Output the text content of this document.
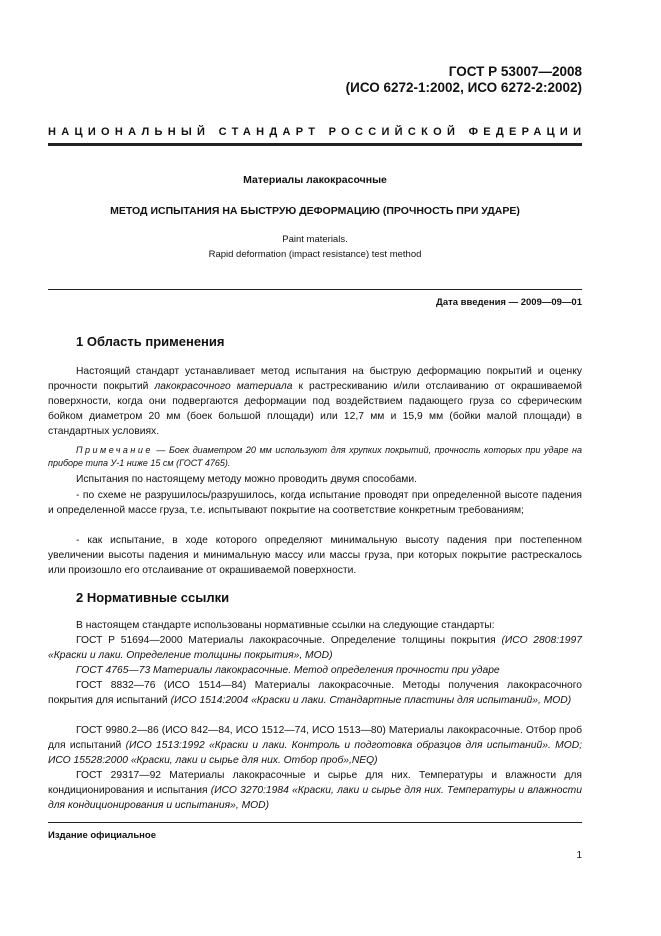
ГОСТ Р 53007—2008
(ИСО 6272-1:2002, ИСО 6272-2:2002)
НАЦИОНАЛЬНЫЙ СТАНДАРТ РОССИЙСКОЙ ФЕДЕРАЦИИ
Материалы лакокрасочные
МЕТОД ИСПЫТАНИЯ НА БЫСТРУЮ ДЕФОРМАЦИЮ (ПРОЧНОСТЬ ПРИ УДАРЕ)
Paint materials.
Rapid deformation (impact resistance) test method
Дата введения — 2009—09—01
1 Область применения
Настоящий стандарт устанавливает метод испытания на быструю деформацию покрытий и оценку прочности покрытий лакокрасочного материала к растрескиванию и/или отслаиванию от окрашиваемой поверхности, когда они подвергаются деформации под воздействием падающего груза со сферическим бойком диаметром 20 мм (боек большой площади) или 12,7 мм и 15,9 мм (бойки малой площади) в стандартных условиях.
Примечание — Боек диаметром 20 мм используют для хрупких покрытий, прочность которых при ударе на приборе типа У-1 ниже 15 см (ГОСТ 4765).
Испытания по настоящему методу можно проводить двумя способами.
- по схеме не разрушилось/разрушилось, когда испытание проводят при определенной высоте падения и определенной массе груза, т.е. испытывают покрытие на соответствие конкретным требованиям;
- как испытание, в ходе которого определяют минимальную высоту падения при постепенном увеличении высоты падения и минимальную массу или массы груза, при которых покрытие растрескалось или произошло его отслаивание от окрашиваемой поверхности.
2 Нормативные ссылки
В настоящем стандарте использованы нормативные ссылки на следующие стандарты:
ГОСТ Р 51694—2000 Материалы лакокрасочные. Определение толщины покрытия (ИСО 2808:1997 «Краски и лаки. Определение толщины покрытия», MOD)
ГОСТ 4765—73 Материалы лакокрасочные. Метод определения прочности при ударе
ГОСТ 8832—76 (ИСО 1514—84) Материалы лакокрасочные. Методы получения лакокрасочного покрытия для испытаний (ИСО 1514:2004 «Краски и лаки. Стандартные пластины для испытаний», MOD)
ГОСТ 9980.2—86 (ИСО 842—84, ИСО 1512—74, ИСО 1513—80) Материалы лакокрасочные. Отбор проб для испытаний (ИСО 1513:1992 «Краски и лаки. Контроль и подготовка образцов для испытаний». MOD; ИСО 15528:2000 «Краски, лаки и сырье для них. Отбор проб»,NEQ)
ГОСТ 29317—92 Материалы лакокрасочные и сырье для них. Температуры и влажности для кондиционирования и испытания (ИСО 3270:1984 «Краски, лаки и сырье для них. Температуры и влажности для кондиционирования и испытания», MOD)
Издание официальное
1
